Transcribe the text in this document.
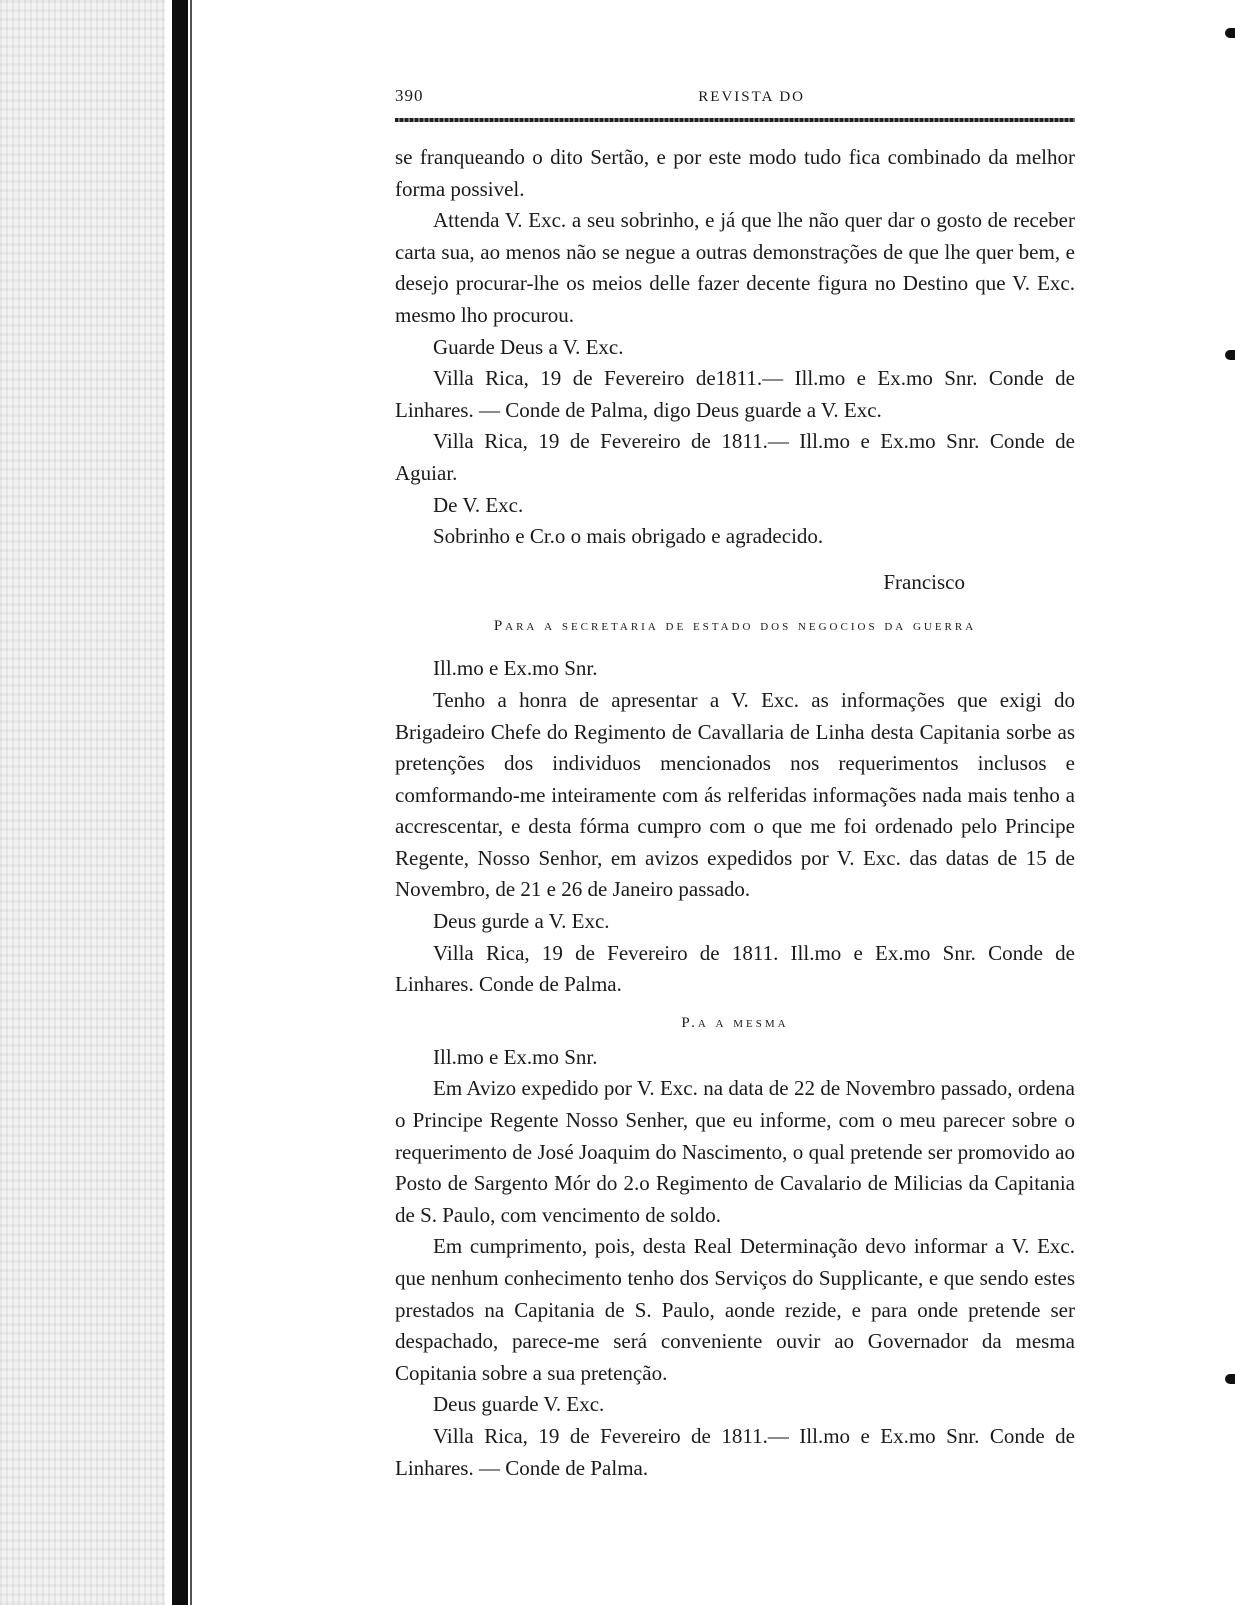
390	REVISTA DO

se franqueando o dito Sertão, e por este modo tudo fica combinado da melhor forma possivel.

Attenda V. Exc. a seu sobrinho, e já que lhe não quer dar o gosto de receber carta sua, ao menos não se negue a outras demonstrações de que lhe quer bem, e desejo procurar-lhe os meios delle fazer decente figura no Destino que V. Exc. mesmo lho procurou.

Guarde Deus a V. Exc.

Villa Rica, 19 de Fevereiro de1811.— Ill.mo e Ex.mo Snr. Conde de Linhares. — Conde de Palma, digo Deus guarde a V. Exc.

Villa Rica, 19 de Fevereiro de 1811.— Ill.mo e Ex.mo Snr. Conde de Aguiar.

De V. Exc.

Sobrinho e Cr.o o mais obrigado e agradecido.

Francisco

Para a secretaria de estado dos negocios da guerra

Ill.mo e Ex.mo Snr.

Tenho a honra de apresentar a V. Exc. as informações que exigi do Brigadeiro Chefe do Regimento de Cavallaria de Linha desta Capitania sorbe as pretenções dos individuos mencionados nos requerimentos inclusos e comformando-me inteiramente com ás relferidas informações nada mais tenho a accrescentar, e desta fórma cumpro com o que me foi ordenado pelo Principe Regente, Nosso Senhor, em avizos expedidos por V. Exc. das datas de 15 de Novembro, de 21 e 26 de Janeiro passado.

Deus gurde a V. Exc.

Villa Rica, 19 de Fevereiro de 1811. Ill.mo e Ex.mo Snr. Conde de Linhares. Conde de Palma.

P.a a mesma

Ill.mo e Ex.mo Snr.

Em Avizo expedido por V. Exc. na data de 22 de Novembro passado, ordena o Principe Regente Nosso Senher, que eu informe, com o meu parecer sobre o requerimento de José Joaquim do Nascimento, o qual pretende ser promovido ao Posto de Sargento Mór do 2.o Regimento de Cavalario de Milicias da Capitania de S. Paulo, com vencimento de soldo.

Em cumprimento, pois, desta Real Determinação devo informar a V. Exc. que nenhum conhecimento tenho dos Serviços do Supplicante, e que sendo estes prestados na Capitania de S. Paulo, aonde rezide, e para onde pretende ser despachado, parece-me será conveniente ouvir ao Governador da mesma Copitania sobre a sua pretenção.

Deus guarde V. Exc.

Villa Rica, 19 de Fevereiro de 1811.— Ill.mo e Ex.mo Snr. Conde de Linhares. — Conde de Palma.
